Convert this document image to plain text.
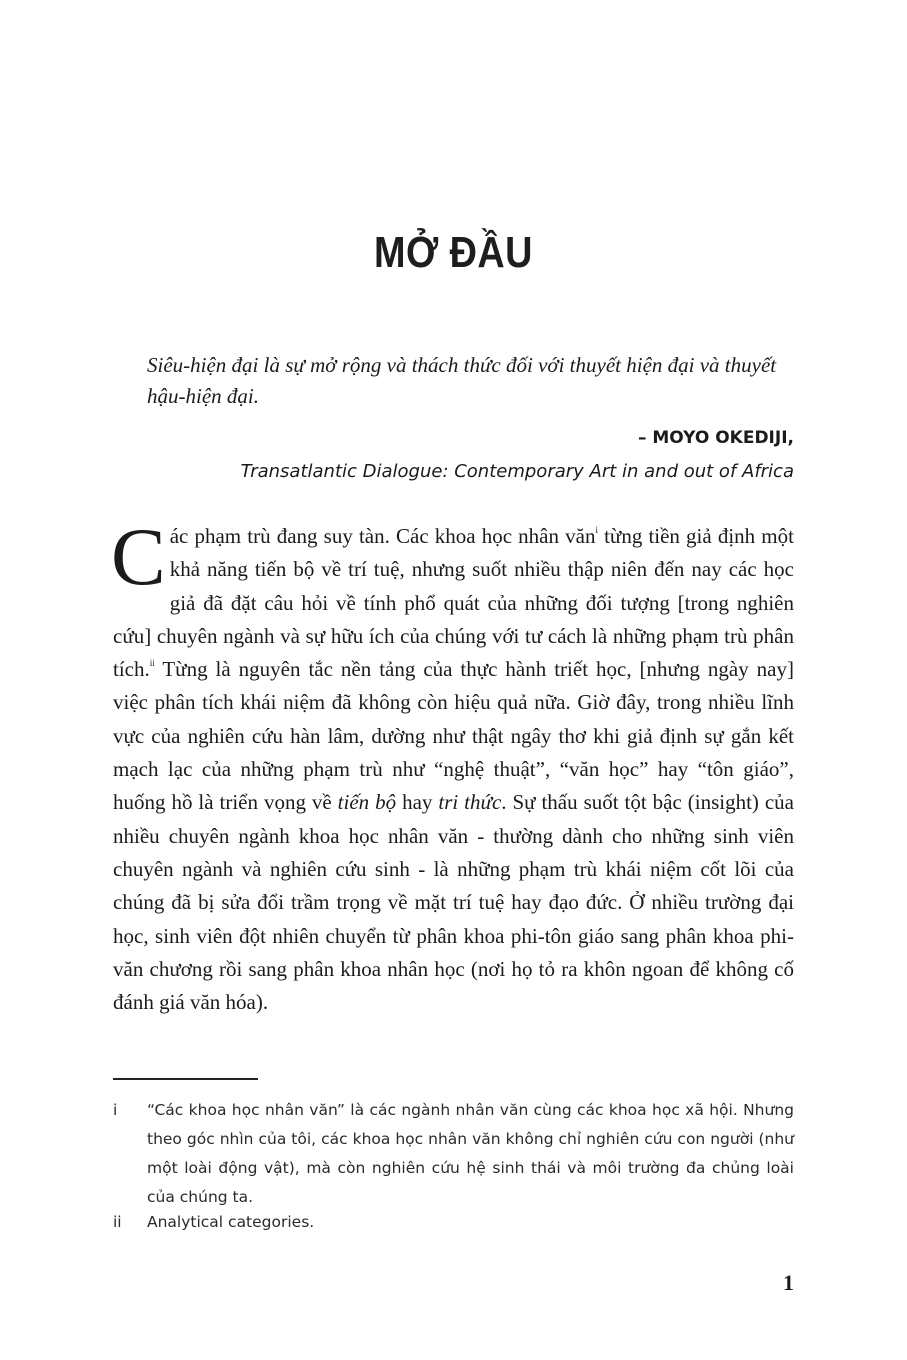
MỞ ĐẦU
Siêu-hiện đại là sự mở rộng và thách thức đối với thuyết hiện đại và thuyết hậu-hiện đại.
– MOYO OKEDIJI,
Transatlantic Dialogue: Contemporary Art in and out of Africa

Các phạm trù đang suy tàn. Các khoa học nhân văn$^i$ từng tiền giả định một khả năng tiến bộ về trí tuệ, nhưng suốt nhiều thập niên đến nay các học giả đã đặt câu hỏi về tính phổ quát của những đối tượng [trong nghiên cứu] chuyên ngành và sự hữu ích của chúng với tư cách là những phạm trù phân tích.$^{ii}$ Từng là nguyên tắc nền tảng của thực hành triết học, [nhưng ngày nay] việc phân tích khái niệm đã không còn hiệu quả nữa. Giờ đây, trong nhiều lĩnh vực của nghiên cứu hàn lâm, dường như thật ngây thơ khi giả định sự gắn kết mạch lạc của những phạm trù như “nghệ thuật”, “văn học” hay “tôn giáo”, huống hồ là triển vọng về tiến bộ hay tri thức. Sự thấu suốt tột bậc (insight) của nhiều chuyên ngành khoa học nhân văn - thường dành cho những sinh viên chuyên ngành và nghiên cứu sinh - là những phạm trù khái niệm cốt lõi của chúng đã bị sửa đổi trầm trọng về mặt trí tuệ hay đạo đức. Ở nhiều trường đại học, sinh viên đột nhiên chuyển từ phân khoa phi-tôn giáo sang phân khoa phi-văn chương rồi sang phân khoa nhân học (nơi họ tỏ ra khôn ngoan để không cố đánh giá văn hóa).

i “Các khoa học nhân văn” là các ngành nhân văn cùng các khoa học xã hội. Nhưng theo góc nhìn của tôi, các khoa học nhân văn không chỉ nghiên cứu con người (như một loài động vật), mà còn nghiên cứu hệ sinh thái và môi trường đa chủng loài của chúng ta.
ii Analytical categories.
1
